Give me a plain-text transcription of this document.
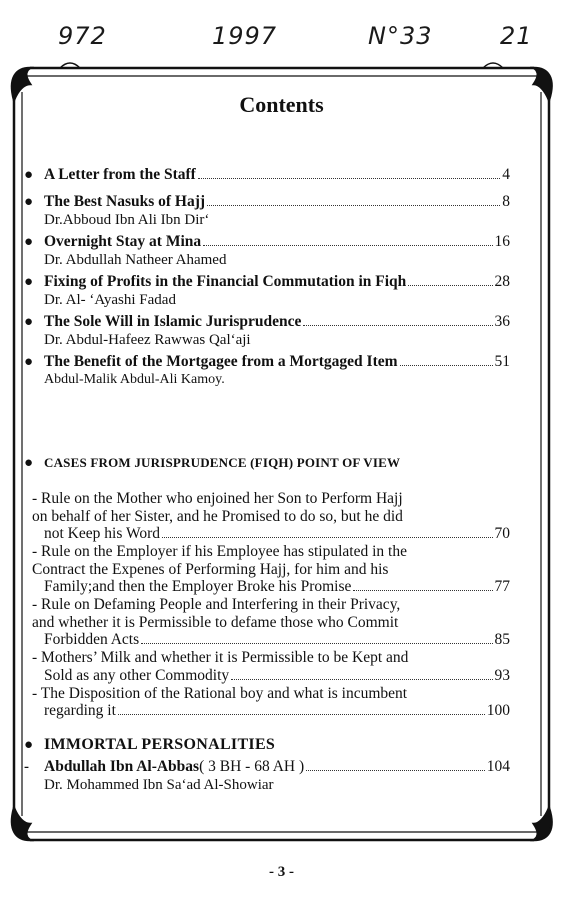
972	1997	N°33	21
Contents
● A Letter from the Staff	4
● The Best Nasuks of Hajj	8
Dr.Abboud Ibn Ali Ibn Dir‘
● Overnight Stay at Mina	16
Dr. Abdullah Natheer Ahamed
● Fixing of Profits in the Financial Commutation in Fiqh	28
Dr. Al- ‘Ayashi Fadad
● The Sole Will in Islamic Jurisprudence	36
Dr. Abdul-Hafeez Rawwas Qal‘aji
● The Benefit of the Mortgagee from a Mortgaged Item	51
Abdul-Malik Abdul-Ali Kamoy.
● CASES FROM JURISPRUDENCE (FIQH) POINT OF VIEW
- Rule on the Mother who enjoined her Son to Perform Hajj
on behalf of her Sister, and he Promised to do so, but he did
not Keep his Word	70
- Rule on the Employer if his Employee has stipulated in the
Contract the Expenes of Performing Hajj, for him and his
Family;and then the Employer Broke his Promise	77
- Rule on Defaming People and Interfering in their Privacy,
and whether it is Permissible to defame those who Commit
Forbidden Acts	85
- Mothers’ Milk and whether it is Permissible to be Kept and
Sold as any other Commodity	93
- The Disposition of the Rational boy and what is incumbent
regarding it	100
● IMMORTAL PERSONALITIES
- Abdullah Ibn Al-Abbas ( 3 BH - 68 AH )	104
Dr. Mohammed Ibn Sa‘ad Al-Showiar
- 3 -
